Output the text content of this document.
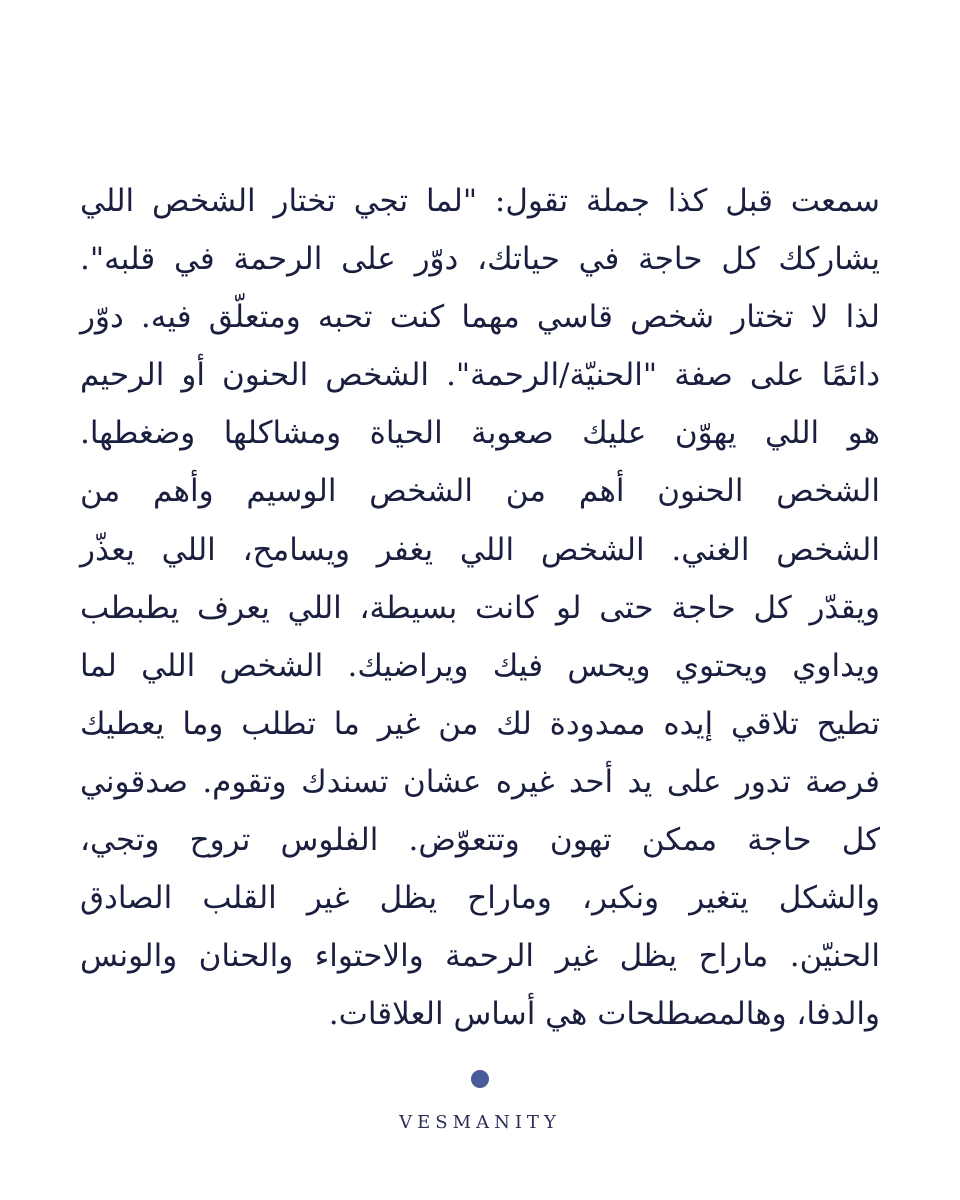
سمعت قبل كذا جملة تقول: "لما تجي تختار الشخص اللي
يشاركك كل حاجة في حياتك، دوّر على الرحمة في قلبه".
لذا لا تختار شخص قاسي مهما كنت تحبه ومتعلّق فيه. دوّر
دائمًا على صفة "الحنيّة/الرحمة". الشخص الحنون أو الرحيم
هو اللي يهوّن عليك صعوبة الحياة ومشاكلها وضغطها.
الشخص الحنون أهم من الشخص الوسيم وأهم من
الشخص الغني. الشخص اللي يغفر ويسامح، اللي يعذّر
ويقدّر كل حاجة حتى لو كانت بسيطة، اللي يعرف يطبطب
ويداوي ويحتوي ويحس فيك ويراضيك. الشخص اللي لما
تطيح تلاقي إيده ممدودة لك من غير ما تطلب وما يعطيك
فرصة تدور على يد أحد غيره عشان تسندك وتقوم. صدقوني
كل حاجة ممكن تهون وتتعوّض. الفلوس تروح وتجي،
والشكل يتغير ونكبر، وماراح يظل غير القلب الصادق
الحنيّن. ماراح يظل غير الرحمة والاحتواء والحنان والونس
والدفا، وهالمصطلحات هي أساس العلاقات.
VESMANITY
